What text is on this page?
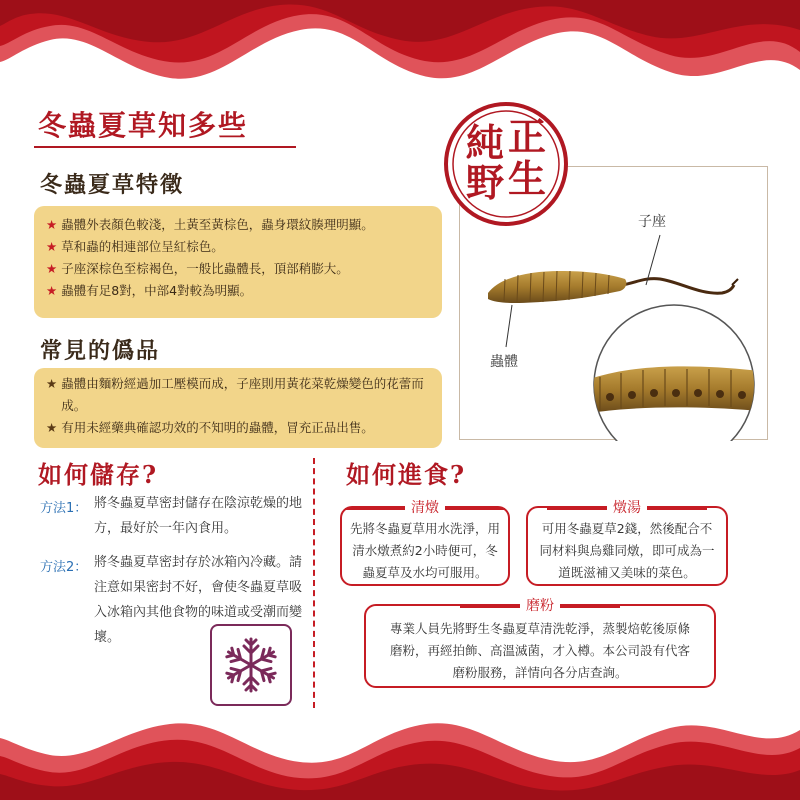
冬蟲夏草知多些
冬蟲夏草特徵
★ 蟲體外表顏色較淺，土黃至黃棕色，蟲身環紋腠理明顯。
★ 草和蟲的相連部位呈紅棕色。
★ 子座深棕色至棕褐色，一般比蟲體長，頂部稍膨大。
★ 蟲體有足8對，中部4對較為明顯。
常見的僞品
★ 蟲體由麵粉經過加工壓模而成，子座則用黃花菜乾燥變色的花蕾而成。
★ 有用未經藥典確認功效的不知明的蟲體，冒充正品出售。
子座
蟲體
正
純
野 生
如何儲存?
方法1： 將冬蟲夏草密封儲存在陰涼乾燥的地方，最好於一年內食用。
方法2： 將冬蟲夏草密封存於冰箱內冷藏。請注意如果密封不好，會使冬蟲夏草吸入冰箱內其他食物的味道或受潮而變壞。
如何進食?
清燉
先將冬蟲夏草用水洗淨，用清水燉煮約2小時便可，冬蟲夏草及水均可服用。
燉湯
可用冬蟲夏草2錢，然後配合不同材料與烏雞同燉，即可成為一道既滋補又美味的菜色。
磨粉
專業人員先將野生冬蟲夏草清洗乾淨，蒸製焙乾後原條磨粉，再經拍飾、高溫滅菌，才入樽。本公司設有代客磨粉服務，詳情向各分店查詢。
